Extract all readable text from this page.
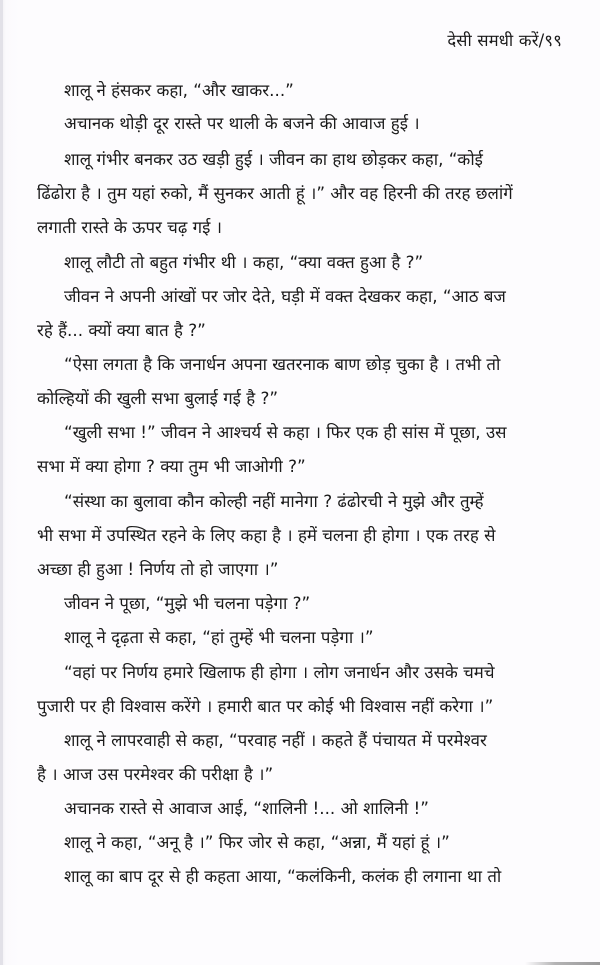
देसी समधी करें/९९
शालू ने हंसकर कहा, “और खाकर...”
अचानक थोड़ी दूर रास्ते पर थाली के बजने की आवाज हुई ।
शालू गंभीर बनकर उठ खड़ी हुई । जीवन का हाथ छोड़कर कहा, “कोई
ढिंढोरा है । तुम यहां रुको, मैं सुनकर आती हूं ।” और वह हिरनी की तरह छलांगें
लगाती रास्ते के ऊपर चढ़ गई ।
शालू लौटी तो बहुत गंभीर थी । कहा, “क्या वक्त हुआ है ?”
जीवन ने अपनी आंखों पर जोर देते, घड़ी में वक्त देखकर कहा, “आठ बज
रहे हैं... क्यों क्या बात है ?”
“ऐसा लगता है कि जनार्धन अपना खतरनाक बाण छोड़ चुका है । तभी तो
कोल्हियों की खुली सभा बुलाई गई है ?”
“खुली सभा !” जीवन ने आश्चर्य से कहा । फिर एक ही सांस में पूछा, उस
सभा में क्या होगा ? क्या तुम भी जाओगी ?”
“संस्था का बुलावा कौन कोल्ही नहीं मानेगा ? ढंढोरची ने मुझे और तुम्हें
भी सभा में उपस्थित रहने के लिए कहा है । हमें चलना ही होगा । एक तरह से
अच्छा ही हुआ ! निर्णय तो हो जाएगा ।”
जीवन ने पूछा, “मुझे भी चलना पड़ेगा ?”
शालू ने दृढ़ता से कहा, “हां तुम्हें भी चलना पड़ेगा ।”
“वहां पर निर्णय हमारे खिलाफ ही होगा । लोग जनार्धन और उसके चमचे
पुजारी पर ही विश्वास करेंगे । हमारी बात पर कोई भी विश्वास नहीं करेगा ।”
शालू ने लापरवाही से कहा, “परवाह नहीं । कहते हैं पंचायत में परमेश्वर
है । आज उस परमेश्वर की परीक्षा है ।”
अचानक रास्ते से आवाज आई, “शालिनी !... ओ शालिनी !”
शालू ने कहा, “अनू है ।” फिर जोर से कहा, “अन्ना, मैं यहां हूं ।”
शालू का बाप दूर से ही कहता आया, “कलंकिनी, कलंक ही लगाना था तो
